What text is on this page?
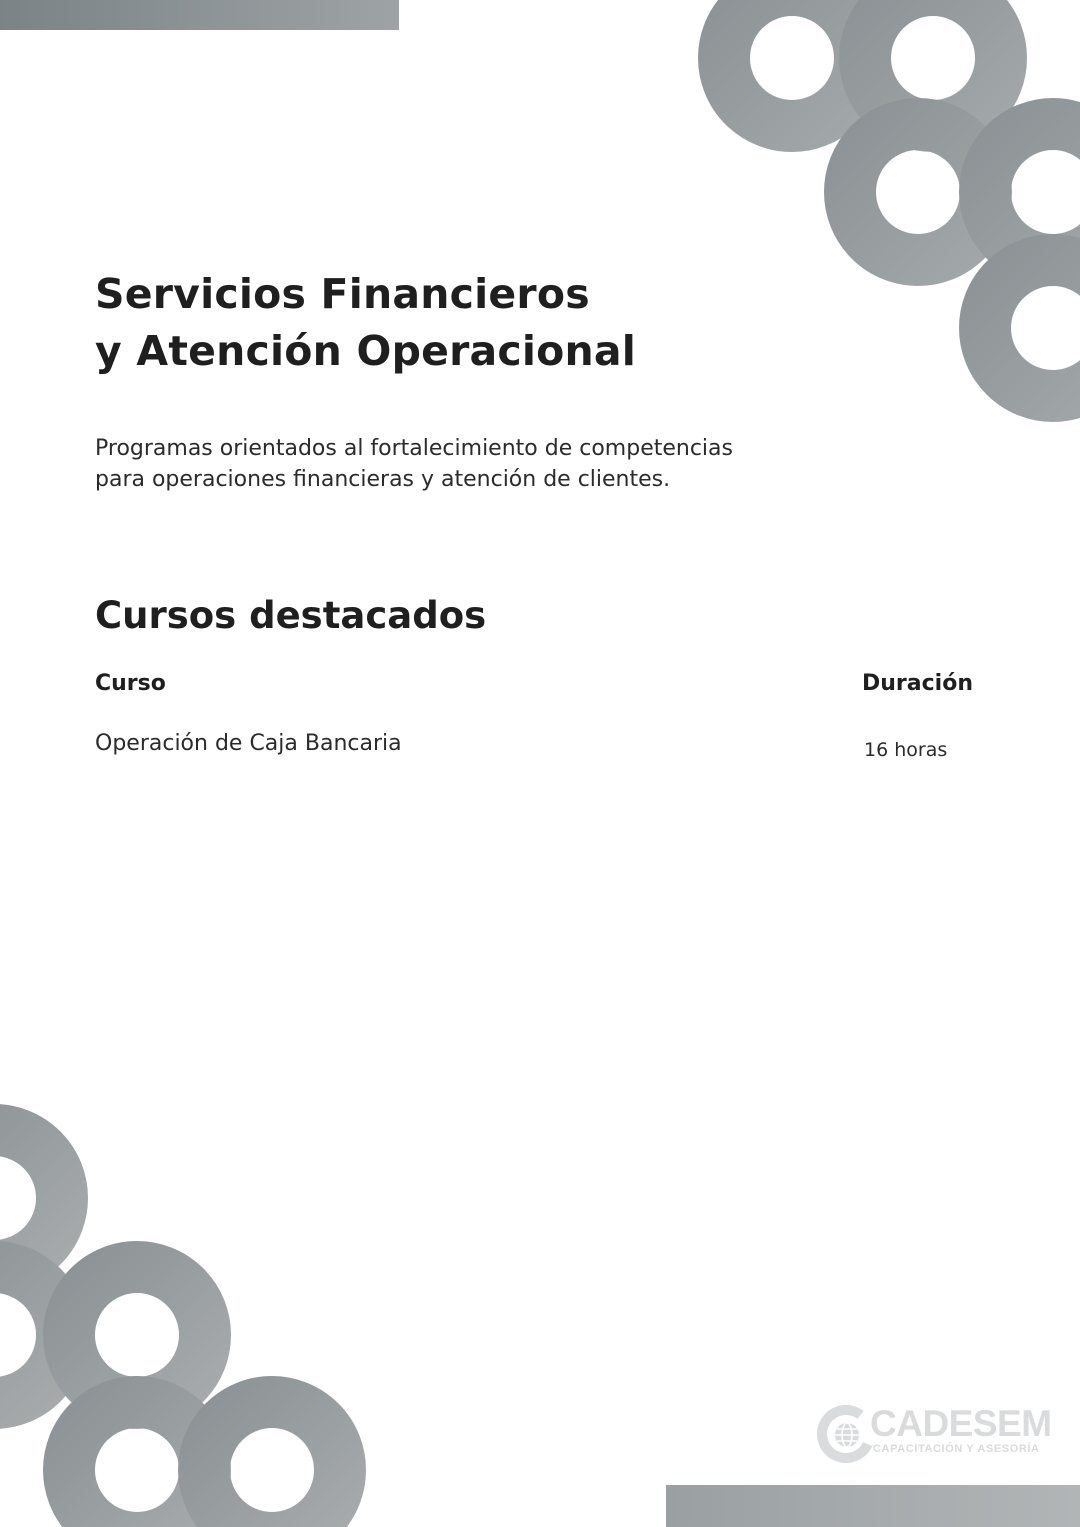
Servicios Financieros
y Atención Operacional

Programas orientados al fortalecimiento de competencias
para operaciones financieras y atención de clientes.

Cursos destacados
Curso	Duración
Operación de Caja Bancaria	16 horas
CADESEM
CAPACITACIÓN Y ASESORÍA
